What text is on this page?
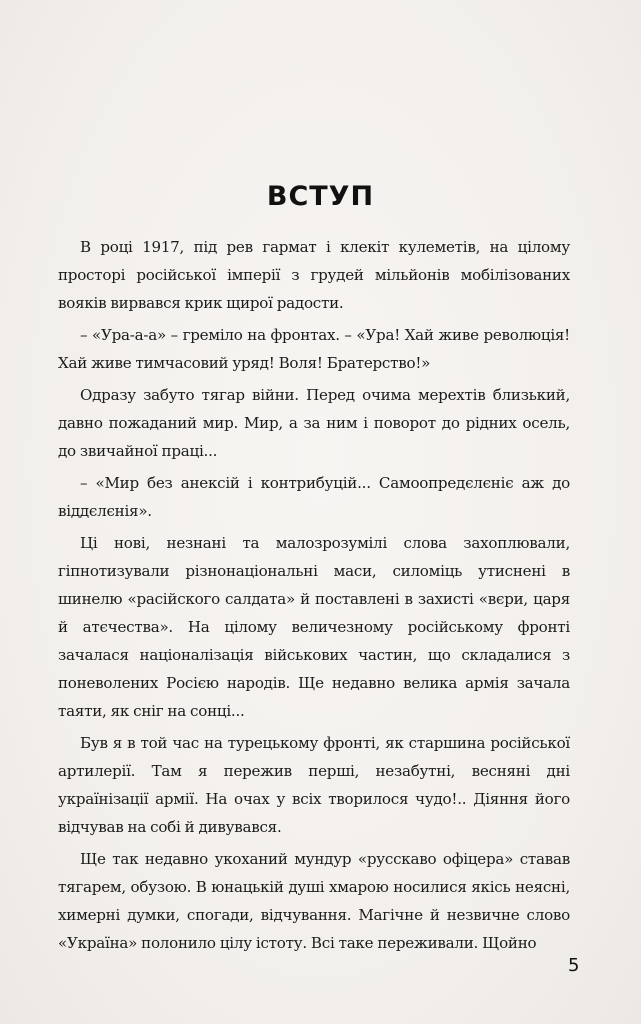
ВСТУП

В році 1917, під рев гармат і клекіт кулеметів, на цілому просторі російської імперії з грудей мільйонів мобілізованих вояків вирвався крик щирої радости.

– «Ура-а-а» – греміло на фронтах. – «Ура! Хай живе революція! Хай живе тимчасовий уряд! Воля! Братерство!»

Одразу забуто тягар війни. Перед очима мерехтів близький, давно пожаданий мир. Мир, а за ним і поворот до рідних осель, до звичайної праці...

– «Мир без анексій і контрибуцій... Самоопредєлєніє аж до віддєлєнія».

Ці нові, незнані та малозрозумілі слова захоплювали, гіпнотизували різнонаціональні маси, силоміць утиснені в шинелю «расійского салдата» й поставлені в захисті «вєри, царя й атєчества». На цілому величезному російському фронті зачалася націоналізація військових частин, що складалися з поневолених Росією народів. Ще недавно велика армія зачала таяти, як сніг на сонці...

Був я в той час на турецькому фронті, як старшина російської артилерії. Там я пережив перші, незабутні, весняні дні українізації армії. На очах у всіх творилося чудо!.. Діяння його відчував на собі й дивувався.

Ще так недавно укоханий мундур «русскаво офіцера» ставав тягарем, обузою. В юнацькій душі хмарою носилися якісь неясні, химерні думки, спогади, відчування. Магічне й незвичне слово «Україна» полонило цілу істоту. Всі таке переживали. Щойно

5
